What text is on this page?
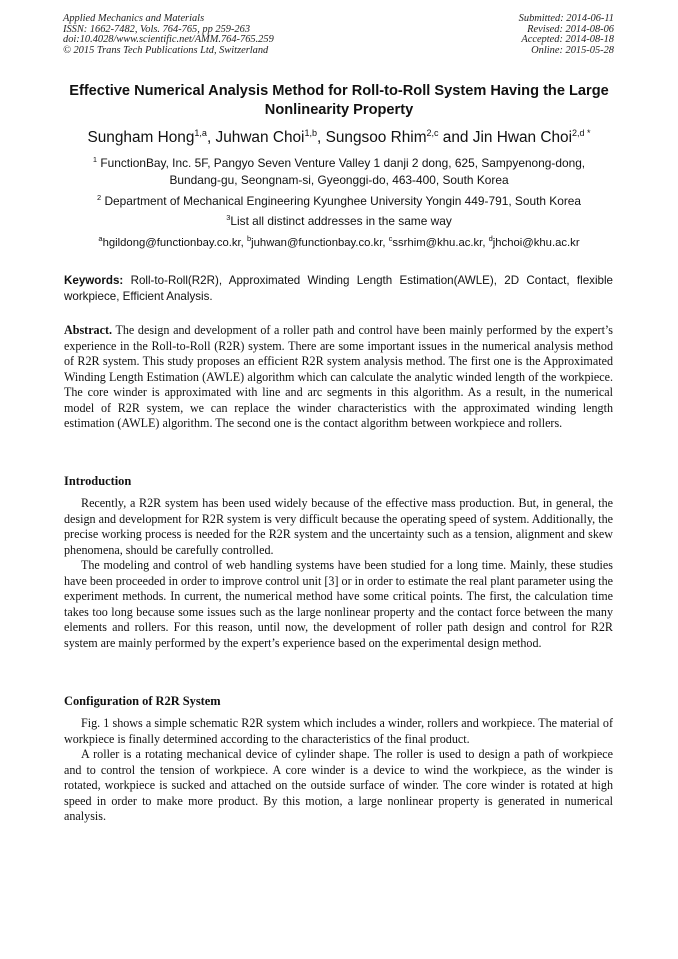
Applied Mechanics and Materials
ISSN: 1662-7482, Vols. 764-765, pp 259-263
doi:10.4028/www.scientific.net/AMM.764-765.259
© 2015 Trans Tech Publications Ltd, Switzerland
Submitted: 2014-06-11
Revised: 2014-08-06
Accepted: 2014-08-18
Online: 2015-05-28
Effective Numerical Analysis Method for Roll-to-Roll System Having the Large Nonlinearity Property
Sungham Hong$^{1,a}$, Juhwan Choi$^{1,b}$, Sungsoo Rhim$^{2,c}$ and Jin Hwan Choi$^{2,d *}$
$^1$ FunctionBay, Inc. 5F, Pangyo Seven Venture Valley 1 danji 2 dong, 625, Sampyenong-dong,
Bundang-gu, Seongnam-si, Gyeonggi-do, 463-400, South Korea
$^2$ Department of Mechanical Engineering Kyunghee University Yongin 449-791, South Korea
$^3$List all distinct addresses in the same way
$^a$hgildong@functionbay.co.kr, $^b$juhwan@functionbay.co.kr, $^c$ssrhim@khu.ac.kr, $^d$jhchoi@khu.ac.kr
Keywords: Roll-to-Roll(R2R), Approximated Winding Length Estimation(AWLE), 2D Contact, flexible workpiece, Efficient Analysis.

Abstract. The design and development of a roller path and control have been mainly performed by the expert’s experience in the Roll-to-Roll (R2R) system. There are some important issues in the numerical analysis method of R2R system. This study proposes an efficient R2R system analysis method. The first one is the Approximated Winding Length Estimation (AWLE) algorithm which can calculate the analytic winded length of the workpiece. The core winder is approximated with line and arc segments in this algorithm. As a result, in the numerical model of R2R system, we can replace the winder characteristics with the approximated winding length estimation (AWLE) algorithm. The second one is the contact algorithm between workpiece and rollers.

Introduction

Recently, a R2R system has been used widely because of the effective mass production. But, in general, the design and development for R2R system is very difficult because the operating speed of system. Additionally, the precise working process is needed for the R2R system and the uncertainty such as a tension, alignment and skew phenomena, should be carefully controlled.

The modeling and control of web handling systems have been studied for a long time. Mainly, these studies have been proceeded in order to improve control unit [3] or in order to estimate the real plant parameter using the experiment methods. In current, the numerical method have some critical points. The first, the calculation time takes too long because some issues such as the large nonlinear property and the contact force between the many elements and rollers. For this reason, until now, the development of roller path design and control for R2R system are mainly performed by the expert’s experience based on the experimental design method.

Configuration of R2R System

Fig. 1 shows a simple schematic R2R system which includes a winder, rollers and workpiece. The material of workpiece is finally determined according to the characteristics of the final product.

A roller is a rotating mechanical device of cylinder shape. The roller is used to design a path of workpiece and to control the tension of workpiece. A core winder is a device to wind the workpiece, as the winder is rotated, workpiece is sucked and attached on the outside surface of winder. The core winder is rotated at high speed in order to make more product. By this motion, a large nonlinear property is generated in numerical analysis.
